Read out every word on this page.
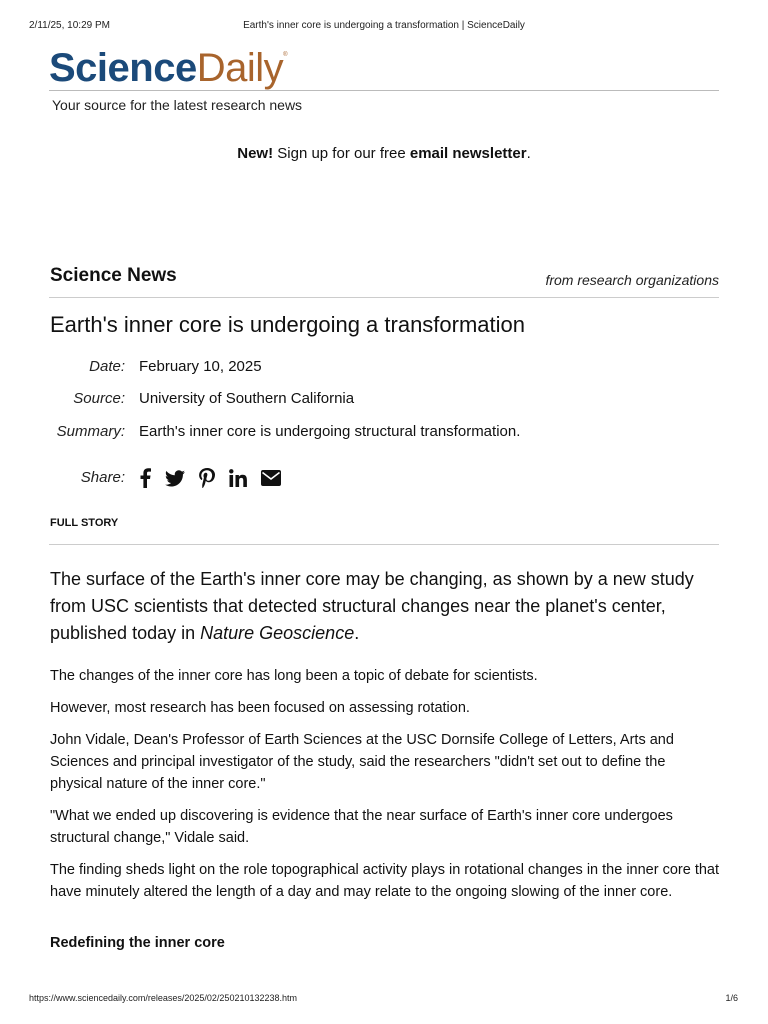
2/11/25, 10:29 PM	Earth's inner core is undergoing a transformation | ScienceDaily
ScienceDaily®
Your source for the latest research news
New! Sign up for our free email newsletter.
Science News	from research organizations
Earth's inner core is undergoing a transformation
Date: February 10, 2025
Source: University of Southern California
Summary: Earth's inner core is undergoing structural transformation.
Share:
FULL STORY
The surface of the Earth's inner core may be changing, as shown by a new study from USC scientists that detected structural changes near the planet's center, published today in Nature Geoscience.
The changes of the inner core has long been a topic of debate for scientists.
However, most research has been focused on assessing rotation.
John Vidale, Dean's Professor of Earth Sciences at the USC Dornsife College of Letters, Arts and Sciences and principal investigator of the study, said the researchers "didn't set out to define the physical nature of the inner core."
"What we ended up discovering is evidence that the near surface of Earth's inner core undergoes structural change," Vidale said.
The finding sheds light on the role topographical activity plays in rotational changes in the inner core that have minutely altered the length of a day and may relate to the ongoing slowing of the inner core.
Redefining the inner core
https://www.sciencedaily.com/releases/2025/02/250210132238.htm	1/6
